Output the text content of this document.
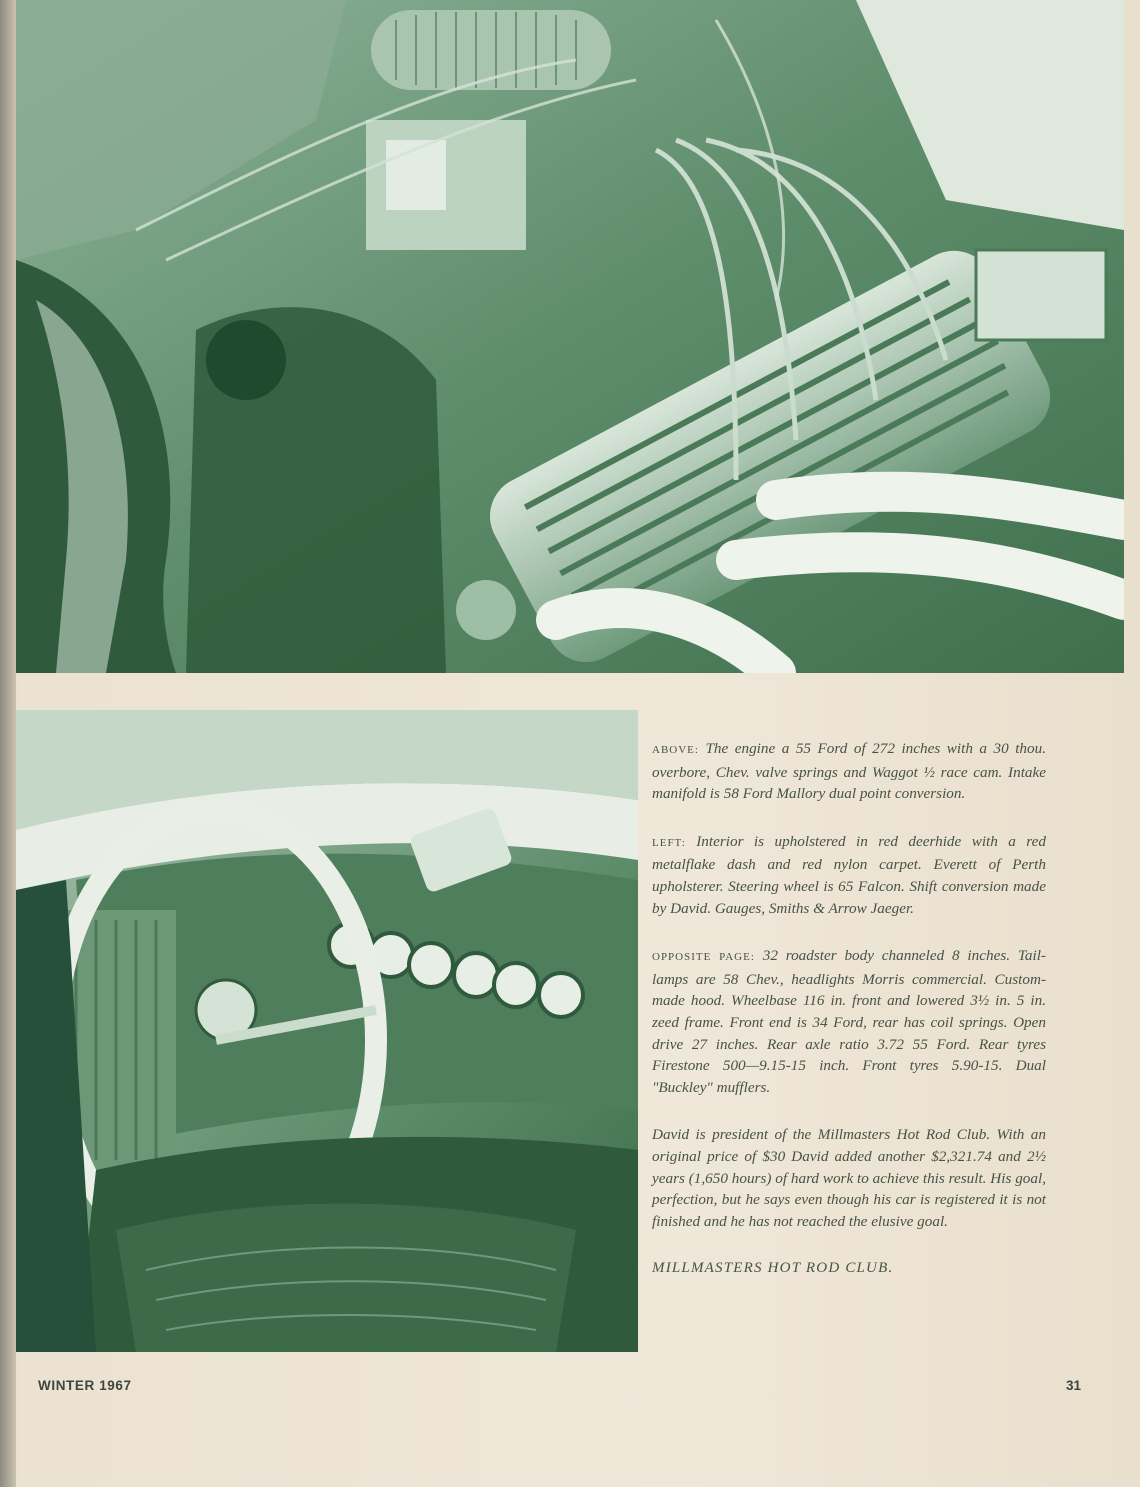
ABOVE: The engine a 55 Ford of 272 inches with a 30 thou. overbore, Chev. valve springs and Waggot ½ race cam. Intake manifold is 58 Ford Mallory dual point conversion.

LEFT: Interior is upholstered in red deerhide with a red metalflake dash and red nylon carpet. Everett of Perth upholsterer. Steering wheel is 65 Falcon. Shift conversion made by David. Gauges, Smiths & Arrow Jaeger.

OPPOSITE PAGE: 32 roadster body channeled 8 inches. Tail-lamps are 58 Chev., headlights Morris commercial. Custom-made hood. Wheelbase 116 in. front and lowered 3½ in. 5 in. zeed frame. Front end is 34 Ford, rear has coil springs. Open drive 27 inches. Rear axle ratio 3.72 55 Ford. Rear tyres Firestone 500—9.15-15 inch. Front tyres 5.90-15. Dual "Buckley" mufflers.

David is president of the Millmasters Hot Rod Club. With an original price of $30 David added another $2,321.74 and 2½ years (1,650 hours) of hard work to achieve this result. His goal, perfection, but he says even though his car is registered it is not finished and he has not reached the elusive goal.

MILLMASTERS HOT ROD CLUB.
WINTER 1967	31
